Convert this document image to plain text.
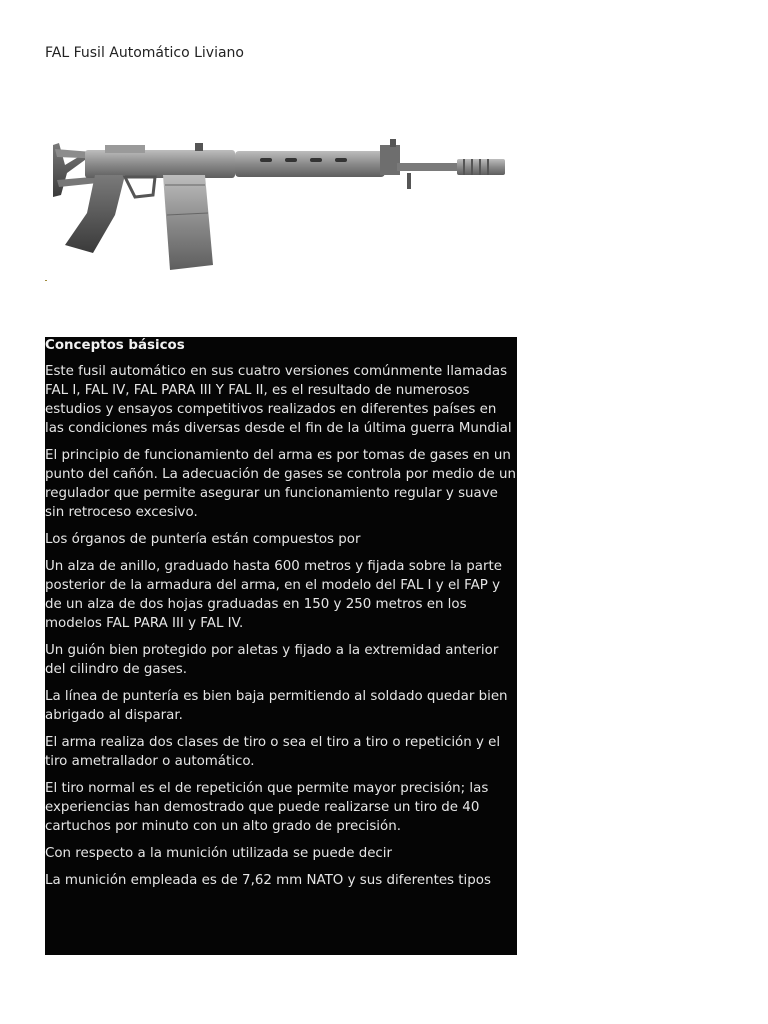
FAL Fusil Automático Liviano
Conceptos básicos

Este fusil automático en sus cuatro versiones comúnmente llamadas FAL I, FAL IV, FAL PARA III Y FAL II, es el resultado de numerosos estudios y ensayos competitivos realizados en diferentes países en las condiciones más diversas desde el fin de la última guerra Mundial

El principio de funcionamiento del arma es por tomas de gases en un punto del cañón. La adecuación de gases se controla por medio de un regulador que permite asegurar un funcionamiento regular y suave sin retroceso excesivo.

Los órganos de puntería están compuestos por

Un alza de anillo, graduado hasta 600 metros y fijada sobre la parte posterior de la armadura del arma, en el modelo del FAL I y el FAP y de un alza de dos hojas graduadas en 150 y 250 metros en los modelos FAL PARA III y FAL IV.

Un guión bien protegido por aletas y fijado a la extremidad anterior del cilindro de gases.

La línea de puntería es bien baja permitiendo al soldado quedar bien abrigado al disparar.

El arma realiza dos clases de tiro o sea el tiro a tiro o repetición y el tiro ametrallador o automático.

El tiro normal es el de repetición que permite mayor precisión; las experiencias han demostrado que puede realizarse un tiro de 40 cartuchos por minuto con un alto grado de precisión.

Con respecto a la munición utilizada se puede decir

La munición empleada es de 7,62 mm NATO y sus diferentes tipos
